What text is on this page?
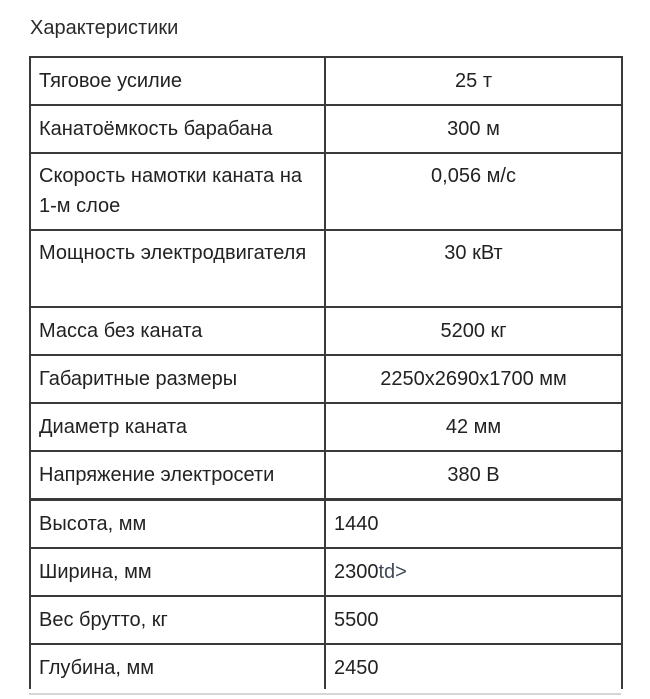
Характеристики
Тяговое усилие	25 т
Канатоёмкость барабана	300 м
Скорость намотки каната на 1-м слое	0,056 м/с
Мощность электродвигателя	30 кВт
Масса без каната	5200 кг
Габаритные размеры	2250x2690x1700 мм
Диаметр каната	42 мм
Напряжение электросети	380 В
Высота, мм	1440
Ширина, мм	2300td>
Вес брутто, кг	5500
Глубина, мм	2450
